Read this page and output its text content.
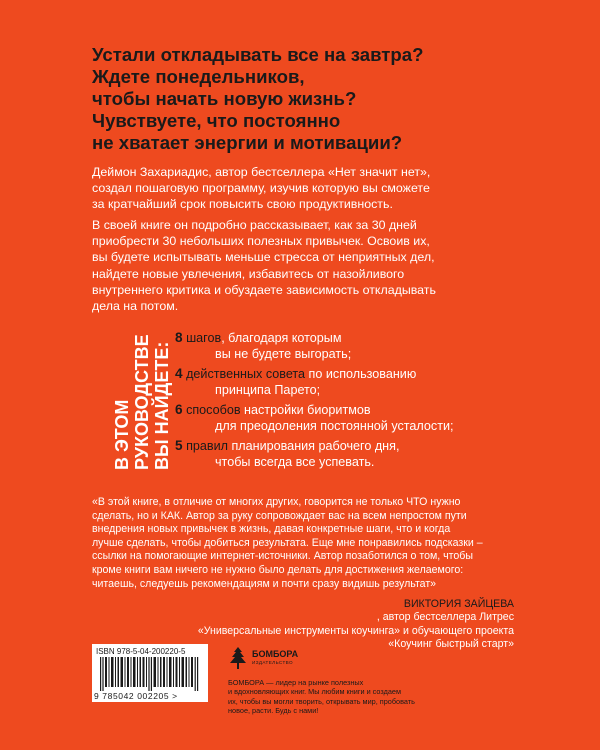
Устали откладывать все на завтра?
Ждете понедельников,
чтобы начать новую жизнь?
Чувствуете, что постоянно
не хватает энергии и мотивации?

Деймон Захариадис, автор бестселлера «Нет значит нет»,
создал пошаговую программу, изучив которую вы сможете
за кратчайший срок повысить свою продуктивность.

В своей книге он подробно рассказывает, как за 30 дней
приобрести 30 небольших полезных привычек. Освоив их,
вы будете испытывать меньше стресса от неприятных дел,
найдете новые увлечения, избавитесь от назойливого
внутреннего критика и обуздаете зависимость откладывать
дела на потом.

В ЭТОМ РУКОВОДСТВЕ ВЫ НАЙДЕТЕ:
8 шагов, благодаря которым
вы не будете выгорать;
4 действенных совета по использованию
принципа Парето;
6 способов настройки биоритмов
для преодоления постоянной усталости;
5 правил планирования рабочего дня,
чтобы всегда все успевать.

«В этой книге, в отличие от многих других, говорится не только ЧТО нужно
сделать, но и КАК. Автор за руку сопровождает вас на всем непростом пути
внедрения новых привычек в жизнь, давая конкретные шаги, что и когда
лучше сделать, чтобы добиться результата. Еще мне понравились подсказки –
ссылки на помогающие интернет-источники. Автор позаботился о том, чтобы
кроме книги вам ничего не нужно было делать для достижения желаемого:
читаешь, следуешь рекомендациям и почти сразу видишь результат»

ВИКТОРИЯ ЗАЙЦЕВА
, автор бестселлера Литрес
«Универсальные инструменты коучинга» и обучающего проекта
«Коучинг быстрый старт»
ISBN 978-5-04-200220-5
9 785042 002205 >
БОМБОРА
ИЗДАТЕЛЬСТВО

БОМБОРА — лидер на рынке полезных
и вдохновляющих книг. Мы любим книги и создаем
их, чтобы вы могли творить, открывать мир, пробовать
новое, расти. Будь с нами!
